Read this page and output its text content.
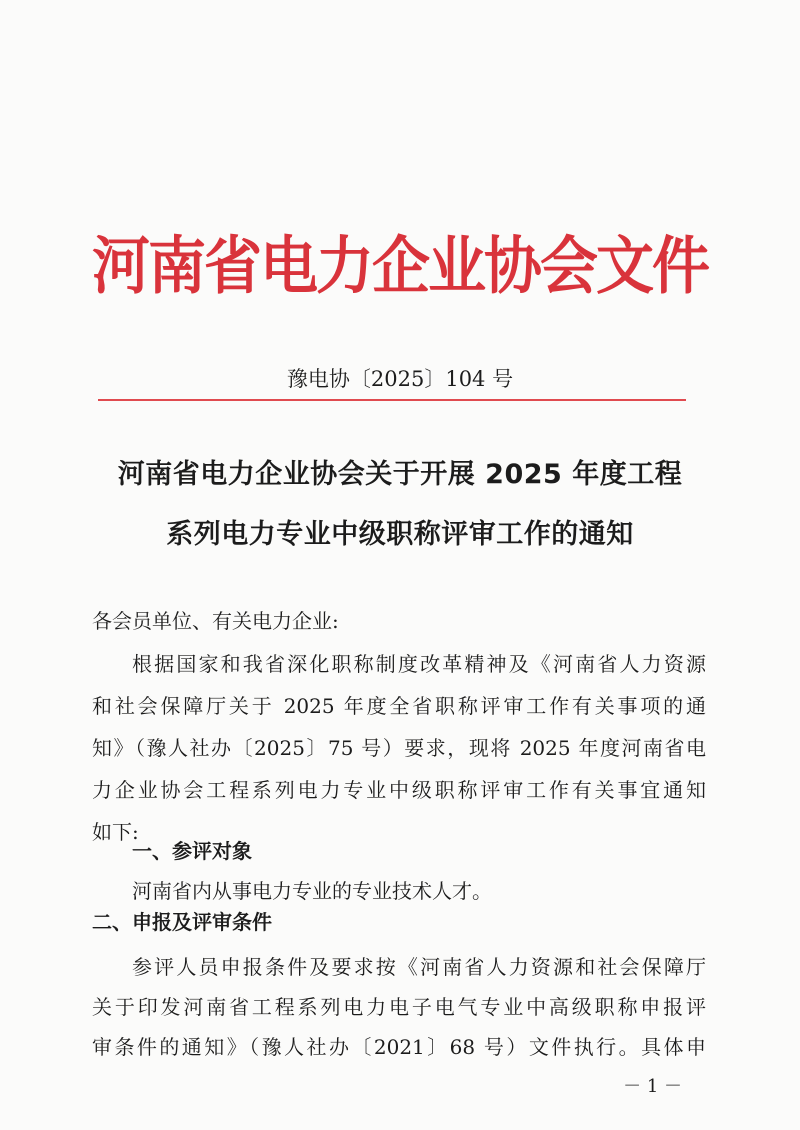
河南省电力企业协会文件
豫电协〔2025〕104 号
河南省电力企业协会关于开展 2025 年度工程
系列电力专业中级职称评审工作的通知
各会员单位、有关电力企业:
根据国家和我省深化职称制度改革精神及《河南省人力资源
和社会保障厅关于 2025 年度全省职称评审工作有关事项的通
知》（豫人社办〔2025〕75 号）要求，现将 2025 年度河南省电
力企业协会工程系列电力专业中级职称评审工作有关事宜通知
如下:
一、参评对象
河南省内从事电力专业的专业技术人才。
二、申报及评审条件
参评人员申报条件及要求按《河南省人力资源和社会保障厅
关于印发河南省工程系列电力电子电气专业中高级职称申报评
审条件的通知》（豫人社办〔2021〕68 号）文件执行。具体申
－ 1 －
